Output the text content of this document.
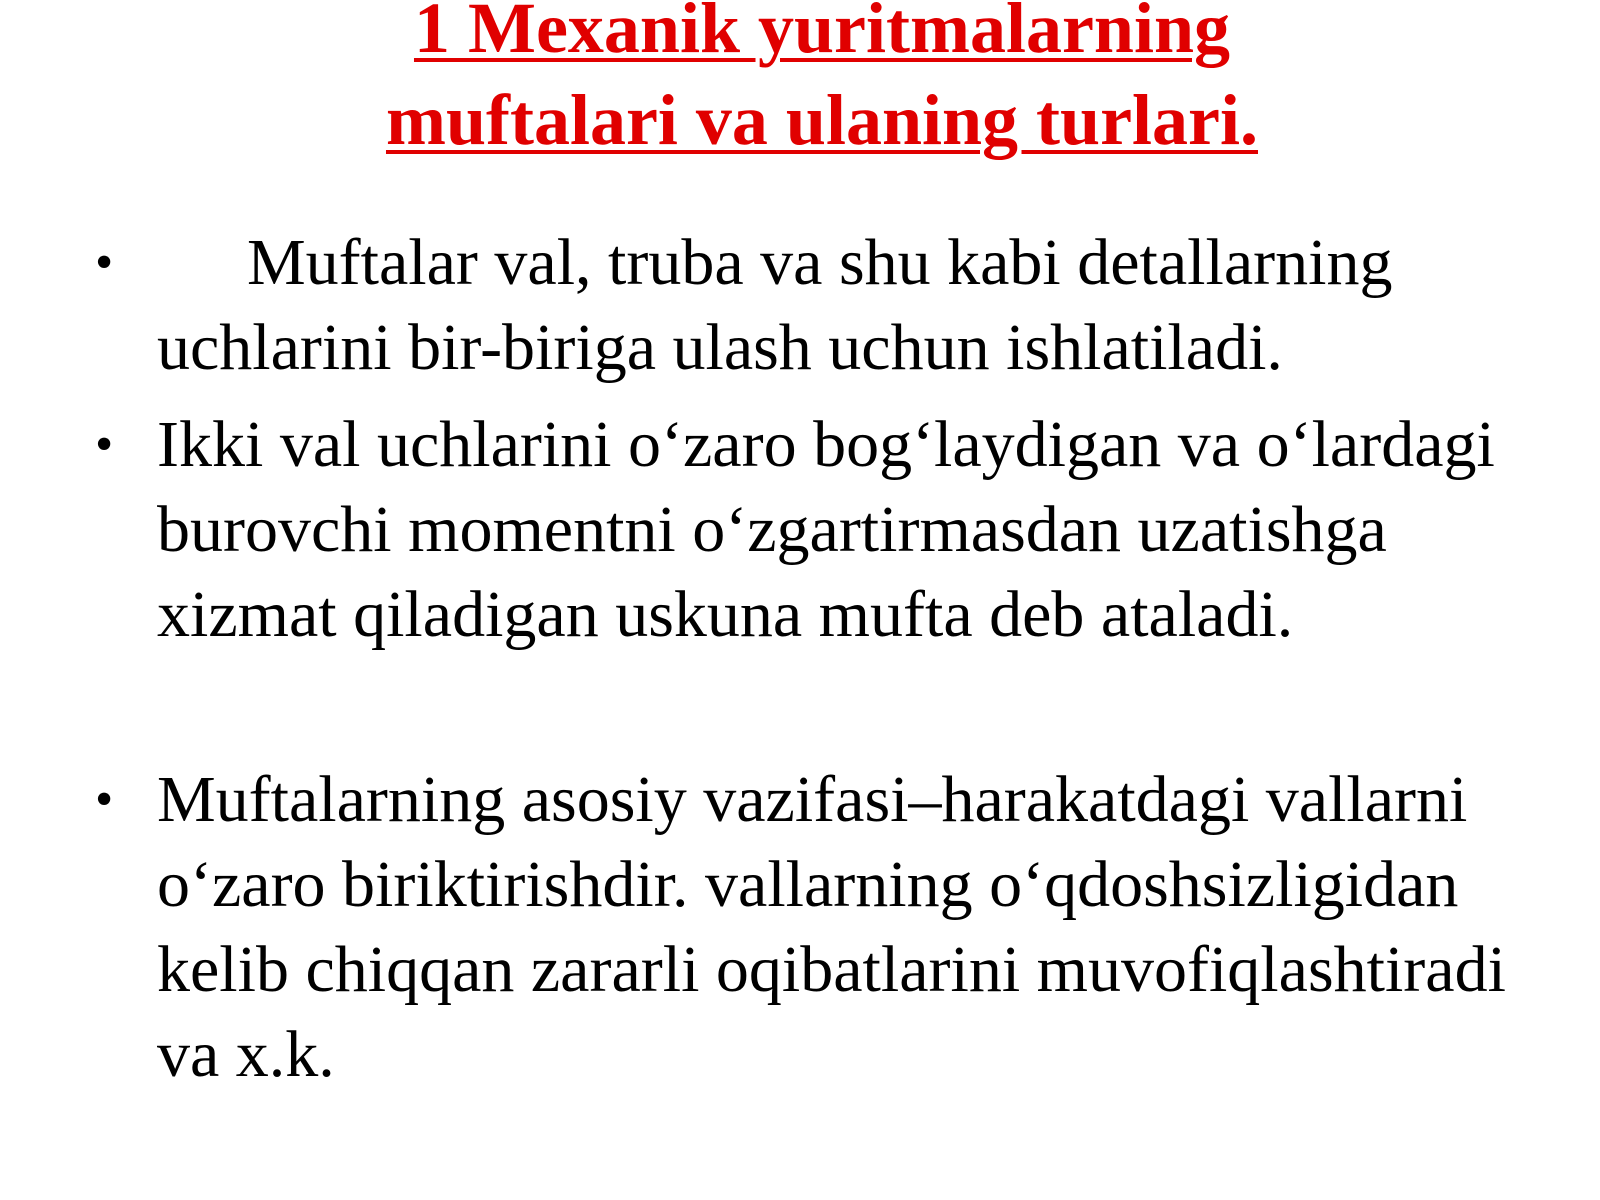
1 Mexanik yuritmalarning
muftalari va ulaning turlari.
• Muftalar val, truba va shu kabi detallarning uchlarini bir-biriga ulash uchun ishlatiladi.
• Ikki val uchlarini o‘zaro bog‘laydigan va o‘lardagi burovchi momentni o‘zgartirmasdan uzatishga xizmat qiladigan uskuna mufta deb ataladi.
• Muftalarning asosiy vazifasi–harakatdagi vallarni o‘zaro biriktirishdir. vallarning o‘qdoshsizligidan kelib chiqqan zararli oqibatlarini muvofiqlashtiradi va x.k.
